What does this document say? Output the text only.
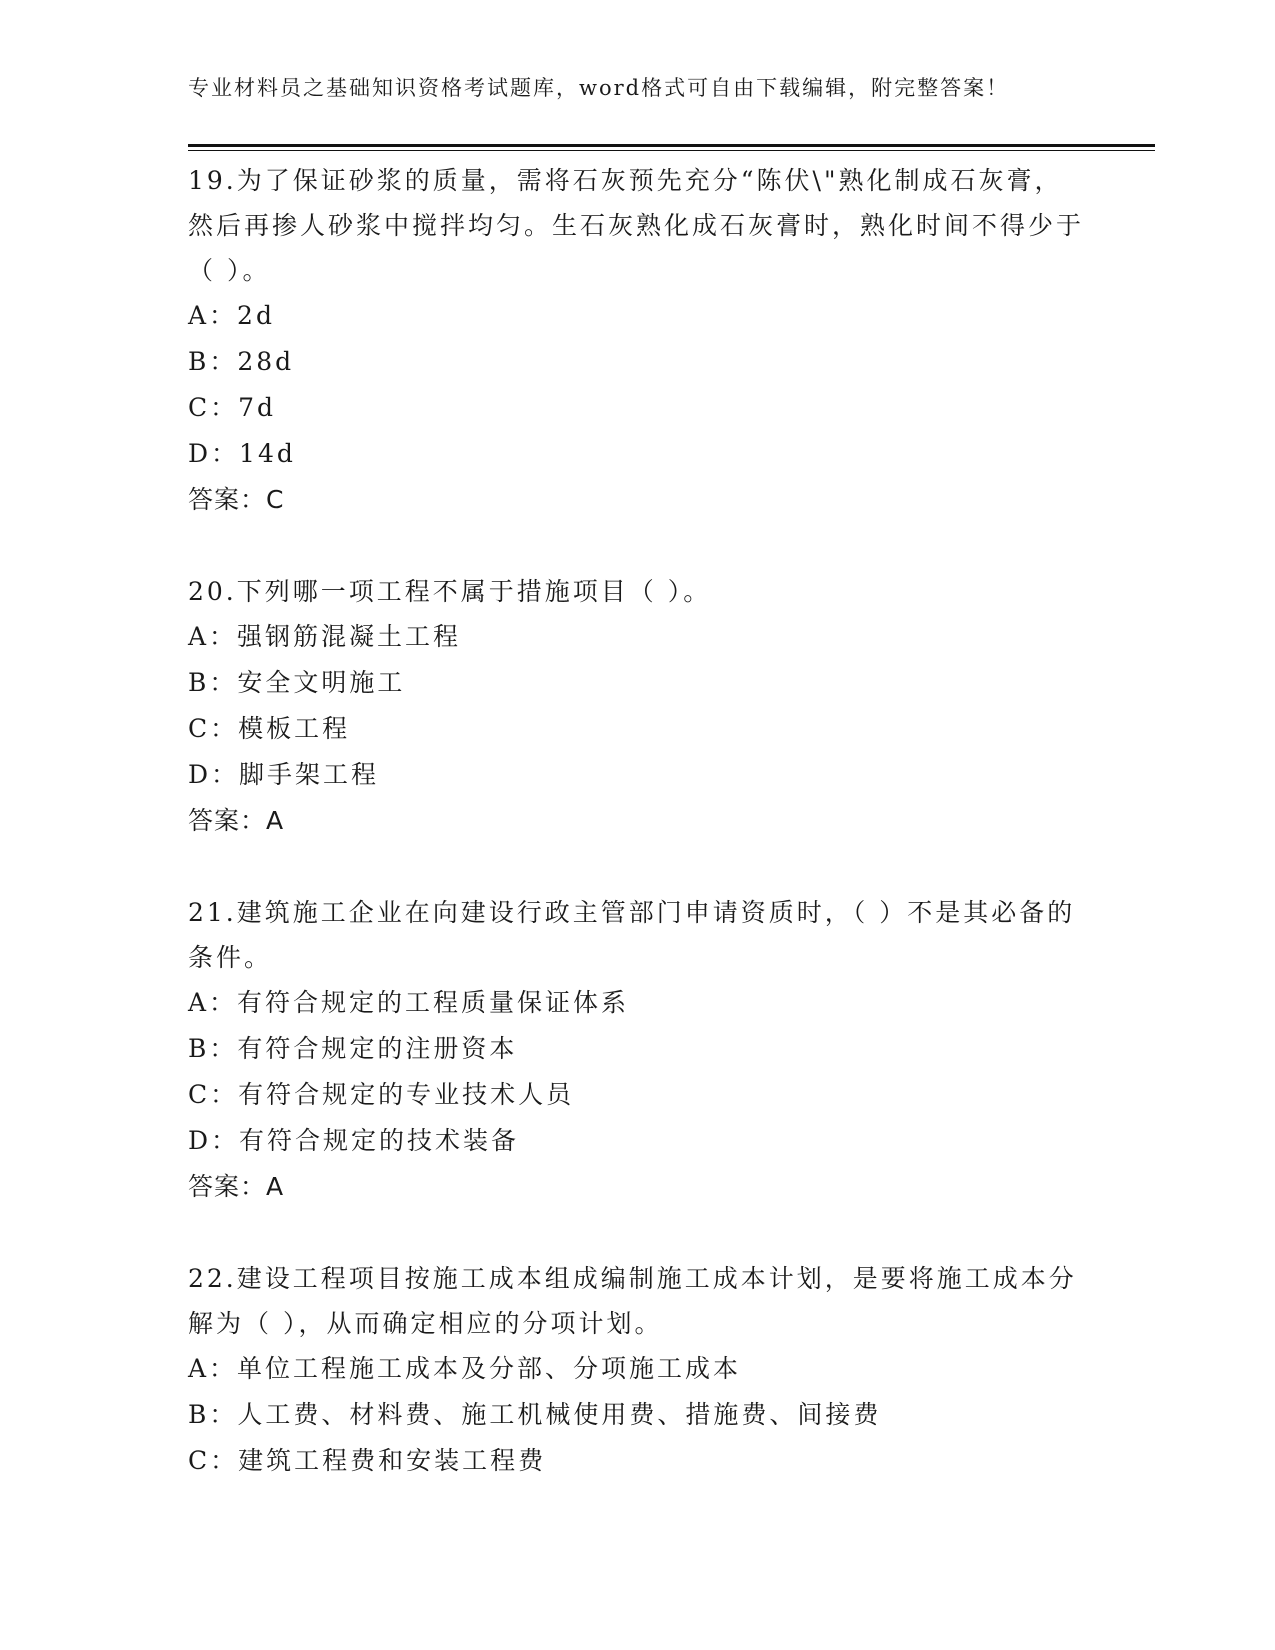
专业材料员之基础知识资格考试题库，word格式可自由下载编辑，附完整答案！

19.为了保证砂浆的质量，需将石灰预先充分“陈伏\"熟化制成石灰膏，然后再掺人砂浆中搅拌均匀。生石灰熟化成石灰膏时，熟化时间不得少于（ ）。

A：2d

B：28d

C：7d

D：14d

答案：C

20.下列哪一项工程不属于措施项目（ ）。

A：强钢筋混凝土工程

B：安全文明施工

C：模板工程

D：脚手架工程

答案：A

21.建筑施工企业在向建设行政主管部门申请资质时，（ ）不是其必备的条件。

A：有符合规定的工程质量保证体系

B：有符合规定的注册资本

C：有符合规定的专业技术人员

D：有符合规定的技术装备

答案：A

22.建设工程项目按施工成本组成编制施工成本计划，是要将施工成本分解为（ ），从而确定相应的分项计划。

A：单位工程施工成本及分部、分项施工成本

B：人工费、材料费、施工机械使用费、措施费、间接费

C：建筑工程费和安装工程费
